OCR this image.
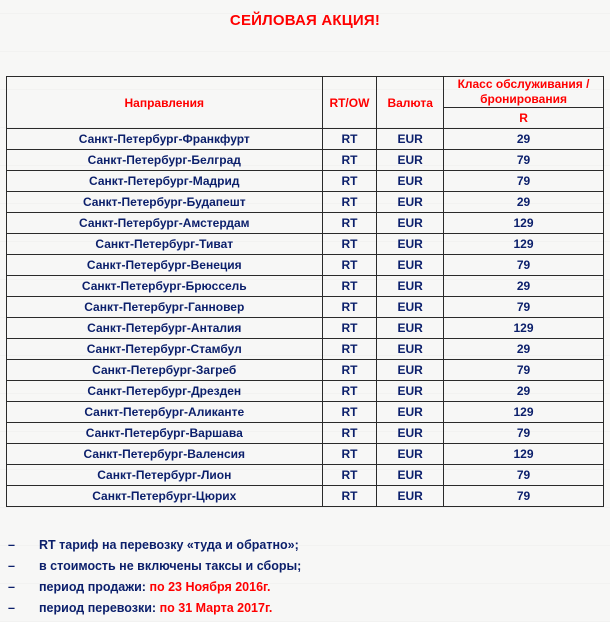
СЕЙЛОВАЯ АКЦИЯ!
Направления	RT/OW	Валюта	Класс обслуживания / бронирования
			R
Санкт-Петербург-Франкфурт	RT	EUR	29
Санкт-Петербург-Белград	RT	EUR	79
Санкт-Петербург-Мадрид	RT	EUR	79
Санкт-Петербург-Будапешт	RT	EUR	29
Санкт-Петербург-Амстердам	RT	EUR	129
Санкт-Петербург-Тиват	RT	EUR	129
Санкт-Петербург-Венеция	RT	EUR	79
Санкт-Петербург-Брюссель	RT	EUR	29
Санкт-Петербург-Ганновер	RT	EUR	79
Санкт-Петербург-Анталия	RT	EUR	129
Санкт-Петербург-Стамбул	RT	EUR	29
Санкт-Петербург-Загреб	RT	EUR	79
Санкт-Петербург-Дрезден	RT	EUR	29
Санкт-Петербург-Аликанте	RT	EUR	129
Санкт-Петербург-Варшава	RT	EUR	79
Санкт-Петербург-Валенсия	RT	EUR	129
Санкт-Петербург-Лион	RT	EUR	79
Санкт-Петербург-Цюрих	RT	EUR	79
– RT тариф на перевозку «туда и обратно»;
– в стоимость не включены таксы и сборы;
– период продажи: по 23 Ноября 2016г.
– период перевозки: по 31 Марта 2017г.
